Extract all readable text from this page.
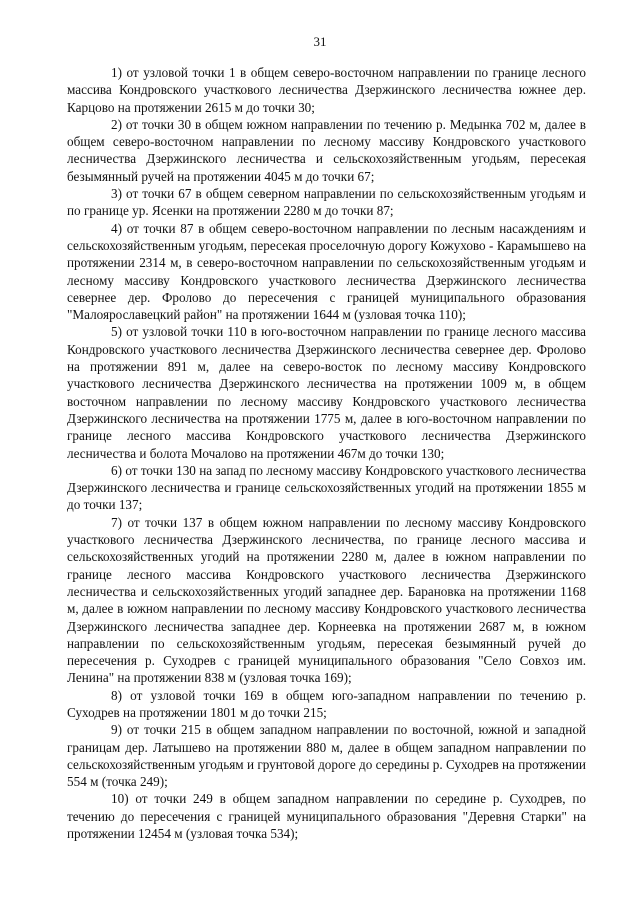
31

1) от узловой точки 1 в общем северо-восточном направлении по границе лесного массива Кондровского участкового лесничества Дзержинского лесничества южнее дер. Карцово на протяжении 2615 м до точки 30;

2) от точки 30 в общем южном направлении по течению р. Медынка 702 м, далее в общем северо-восточном направлении по лесному массиву Кондровского участкового лесничества Дзержинского лесничества и сельскохозяйственным угодьям, пересекая безымянный ручей на протяжении 4045 м до точки 67;

3) от точки 67 в общем северном направлении по сельскохозяйственным угодьям и по границе ур. Ясенки на протяжении 2280 м до точки 87;

4) от точки 87 в общем северо-восточном направлении по лесным насаждениям и сельскохозяйственным угодьям, пересекая проселочную дорогу Кожухово - Карамышево на протяжении 2314 м, в северо-восточном направлении по сельскохозяйственным угодьям и лесному массиву Кондровского участкового лесничества Дзержинского лесничества севернее дер. Фролово до пересечения с границей муниципального образования "Малоярославецкий район" на протяжении 1644 м (узловая точка 110);

5) от узловой точки 110 в юго-восточном направлении по границе лесного массива Кондровского участкового лесничества Дзержинского лесничества севернее дер. Фролово на протяжении 891 м, далее на северо-восток по лесному массиву Кондровского участкового лесничества Дзержинского лесничества на протяжении 1009 м, в общем восточном направлении по лесному массиву Кондровского участкового лесничества Дзержинского лесничества на протяжении 1775 м, далее в юго-восточном направлении по границе лесного массива Кондровского участкового лесничества Дзержинского лесничества и болота Мочалово на протяжении 467м до точки 130;

6) от точки 130 на запад по лесному массиву Кондровского участкового лесничества Дзержинского лесничества и границе сельскохозяйственных угодий на протяжении 1855 м до точки 137;

7) от точки 137 в общем южном направлении по лесному массиву Кондровского участкового лесничества Дзержинского лесничества, по границе лесного массива и сельскохозяйственных угодий на протяжении 2280 м, далее в южном направлении по границе лесного массива Кондровского участкового лесничества Дзержинского лесничества и сельскохозяйственных угодий западнее дер. Барановка на протяжении 1168 м, далее в южном направлении по лесному массиву Кондровского участкового лесничества Дзержинского лесничества западнее дер. Корнеевка на протяжении 2687 м, в южном направлении по сельскохозяйственным угодьям, пересекая безымянный ручей до пересечения р. Суходрев с границей муниципального образования "Село Совхоз им. Ленина" на протяжении 838 м (узловая точка 169);

8) от узловой точки 169 в общем юго-западном направлении по течению р. Суходрев на протяжении 1801 м до точки 215;

9) от точки 215 в общем западном направлении по восточной, южной и западной границам дер. Латышево на протяжении 880 м, далее в общем западном направлении по сельскохозяйственным угодьям и грунтовой дороге до середины р. Суходрев на протяжении 554 м (точка 249);

10) от точки 249 в общем западном направлении по середине р. Суходрев, по течению до пересечения с границей муниципального образования "Деревня Старки" на протяжении 12454 м (узловая точка 534);
